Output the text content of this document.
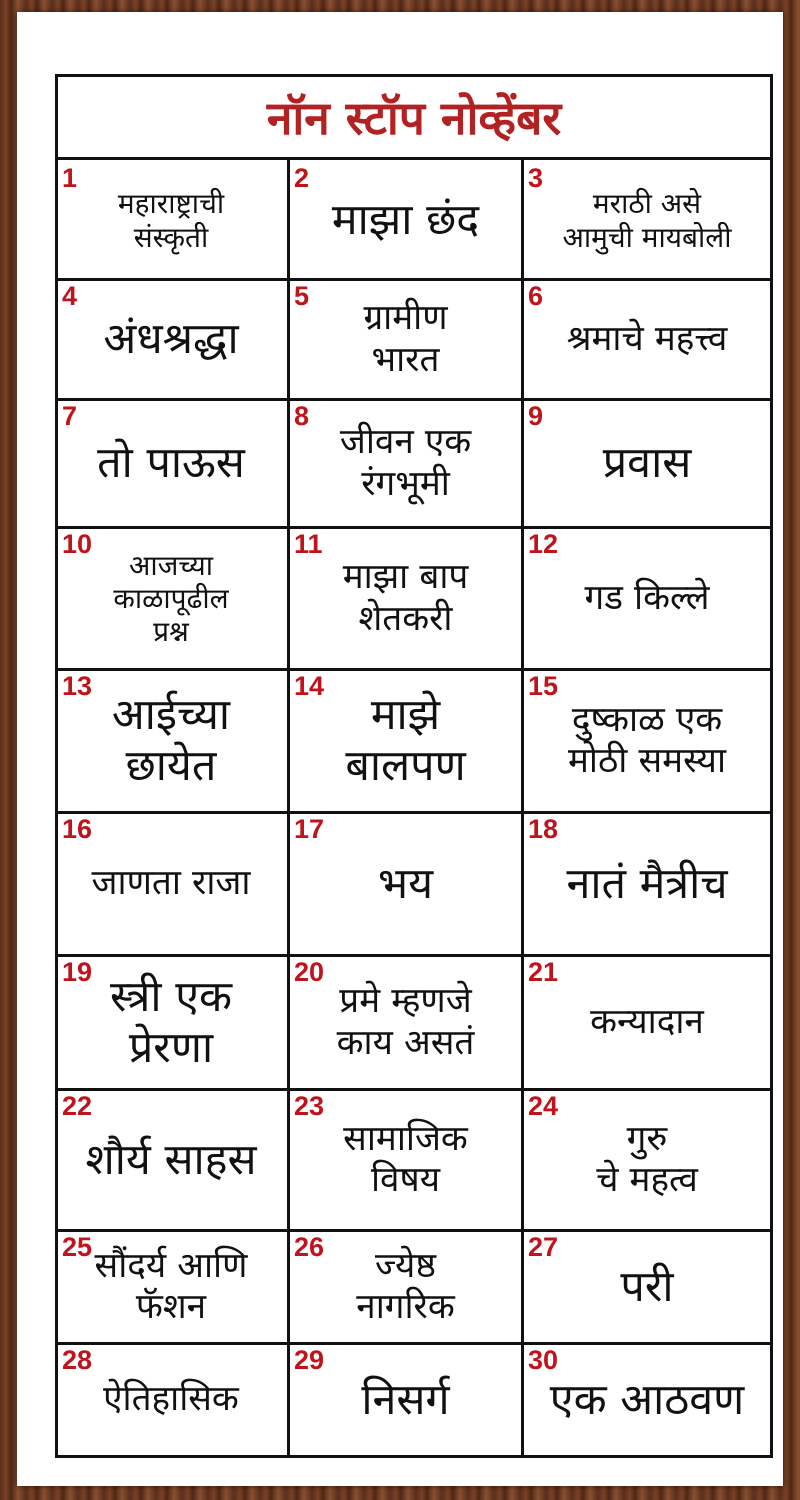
नॉन स्टॉप नोव्हेंबर
महाराष्ट्राची
संस्कृती
1
माझा छंद
2
मराठी असे
आमुची मायबोली
3
अंधश्रद्धा
4
ग्रामीण
भारत
5
श्रमाचे महत्त्व
6
तो पाऊस
7
जीवन एक
रंगभूमी
8
प्रवास
9
आजच्या
काळापूढील
प्रश्न
10
माझा बाप
शेतकरी
11
गड किल्ले
12
आईच्या
छायेत
13
माझे
बालपण
14
दुष्काळ एक
मोठी समस्या
15
जाणता राजा
16
भय
17
नातं मैत्रीच
18
स्त्री एक
प्रेरणा
19
प्रमे म्हणजे
काय असतं
20
कन्यादान
21
शौर्य साहस
22
सामाजिक
विषय
23
गुरु
चे महत्व
24
सौंदर्य आणि
फॅशन
25	ज्येष्ठ
नागरिक
26
परी
27
ऐतिहासिक
28
निसर्ग
29
एक आठवण
30
